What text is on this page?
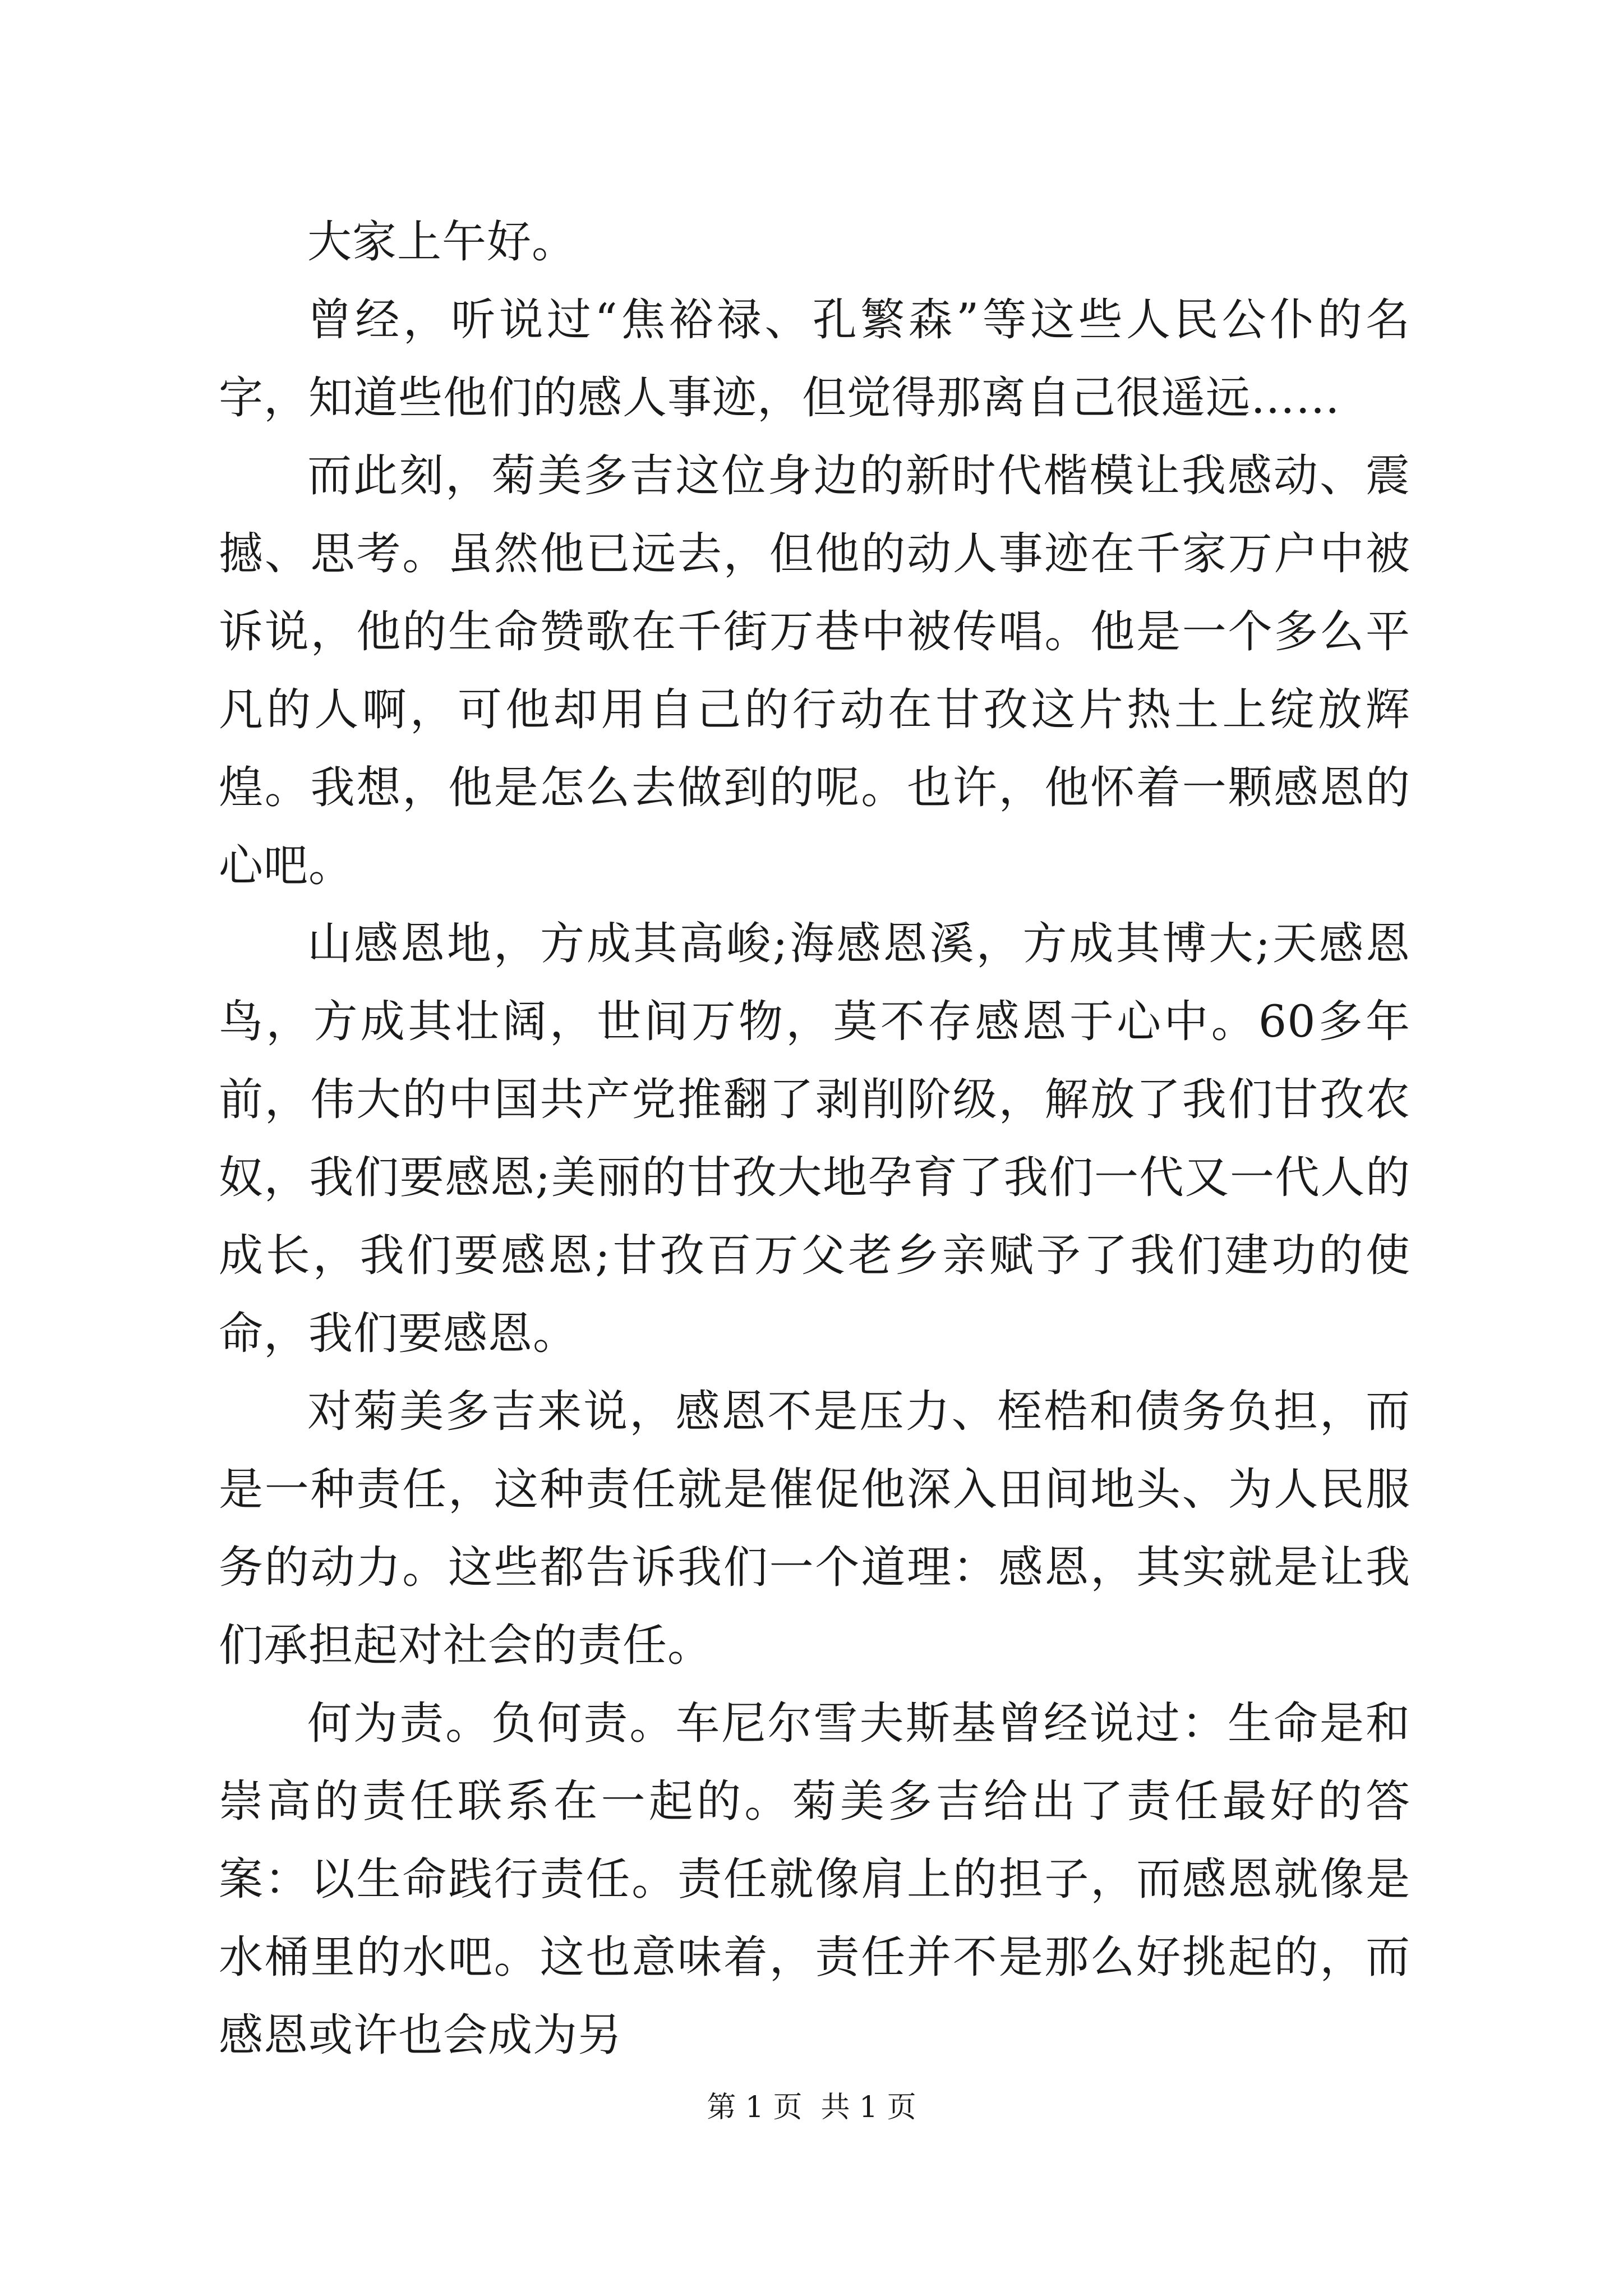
大家上午好。

曾经，听说过“焦裕禄、孔繁森”等这些人民公仆的名字，知道些他们的感人事迹，但觉得那离自己很遥远……

而此刻，菊美多吉这位身边的新时代楷模让我感动、震撼、思考。虽然他已远去，但他的动人事迹在千家万户中被诉说，他的生命赞歌在千街万巷中被传唱。他是一个多么平凡的人啊，可他却用自己的行动在甘孜这片热土上绽放辉煌。我想，他是怎么去做到的呢。也许，他怀着一颗感恩的心吧。

山感恩地，方成其高峻;海感恩溪，方成其博大;天感恩鸟，方成其壮阔，世间万物，莫不存感恩于心中。60多年前，伟大的中国共产党推翻了剥削阶级，解放了我们甘孜农奴，我们要感恩;美丽的甘孜大地孕育了我们一代又一代人的成长，我们要感恩;甘孜百万父老乡亲赋予了我们建功的使命，我们要感恩。

对菊美多吉来说，感恩不是压力、桎梏和债务负担，而是一种责任，这种责任就是催促他深入田间地头、为人民服务的动力。这些都告诉我们一个道理：感恩，其实就是让我们承担起对社会的责任。

何为责。负何责。车尼尔雪夫斯基曾经说过：生命是和崇高的责任联系在一起的。菊美多吉给出了责任最好的答案：以生命践行责任。责任就像肩上的担子，而感恩就像是水桶里的水吧。这也意味着，责任并不是那么好挑起的，而感恩或许也会成为另

第 1 页  共 1 页
